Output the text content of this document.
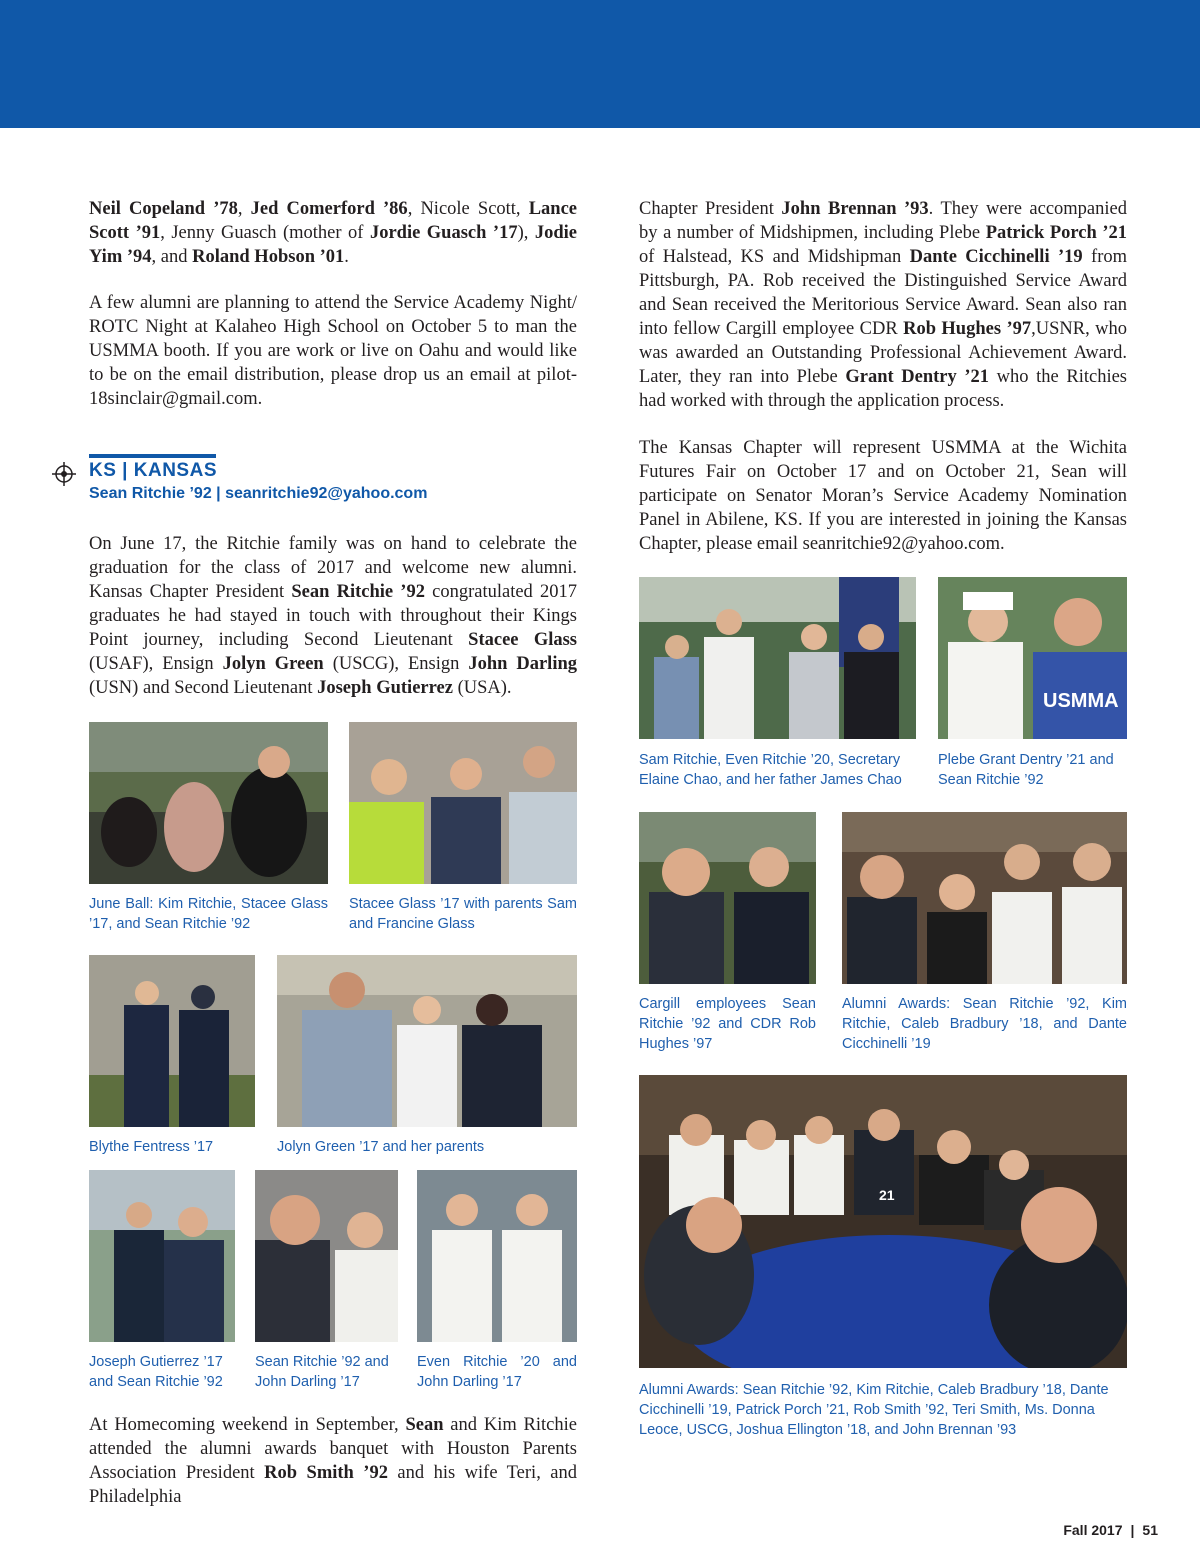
Neil Copeland ’78, Jed Comerford ’86, Nicole Scott, Lance Scott ’91, Jenny Guasch (mother of Jordie Guasch ’17), Jodie Yim ’94, and Roland Hobson ’01.

A few alumni are planning to attend the Service Academy Night/ ROTC Night at Kalaheo High School on October 5 to man the USMMA booth. If you are work or live on Oahu and would like to be on the email distribution, please drop us an email at pilot-18sinclair@gmail.com.

KS | KANSAS
Sean Ritchie ’92 | seanritchie92@yahoo.com

On June 17, the Ritchie family was on hand to celebrate the graduation for the class of 2017 and welcome new alumni. Kansas Chapter President Sean Ritchie ’92 congratulated 2017 graduates he had stayed in touch with throughout their Kings Point journey, including Second Lieutenant Stacee Glass (USAF), Ensign Jolyn Green (USCG), Ensign John Darling (USN) and Second Lieutenant Joseph Gutierrez (USA).

June Ball: Kim Ritchie, Stacee Glass ’17, and Sean Ritchie ’92

Stacee Glass ’17 with parents Sam and Francine Glass

Blythe Fentress ’17	Jolyn Green ’17 and her parents

Joseph Gutierrez ’17 and Sean Ritchie ’92

Sean Ritchie ’92 and John Darling ’17

Even Ritchie ’20 and John Darling ’17

At Homecoming weekend in September, Sean and Kim Ritchie attended the alumni awards banquet with Houston Parents Association President Rob Smith ’92 and his wife Teri, and Philadelphia

Chapter President John Brennan ’93. They were accompanied by a number of Midshipmen, including Plebe Patrick Porch ’21 of Halstead, KS and Midshipman Dante Cicchinelli ’19 from Pittsburgh, PA. Rob received the Distinguished Service Award and Sean received the Meritorious Service Award. Sean also ran into fellow Cargill employee CDR Rob Hughes ’97,USNR, who was awarded an Outstanding Professional Achievement Award. Later, they ran into Plebe Grant Dentry ’21 who the Ritchies had worked with through the application process.

The Kansas Chapter will represent USMMA at the Wichita Futures Fair on October 17 and on October 21, Sean will participate on Senator Moran’s Service Academy Nomination Panel in Abilene, KS. If you are interested in joining the Kansas Chapter, please email seanritchie92@yahoo.com.

USMMA

Sam Ritchie, Even Ritchie ’20, Secretary Elaine Chao, and her father James Chao

Plebe Grant Dentry ’21 and Sean Ritchie ’92

Cargill employees Sean Ritchie ’92 and CDR Rob Hughes ’97

Alumni Awards: Sean Ritchie ’92, Kim Ritchie, Caleb Bradbury ’18, and Dante Cicchinelli ’19

21

Alumni Awards: Sean Ritchie ’92, Kim Ritchie, Caleb Bradbury ’18, Dante Cicchinelli ’19, Patrick Porch ’21, Rob Smith ’92, Teri Smith, Ms. Donna Leoce, USCG, Joshua Ellington ’18, and John Brennan ’93

Fall 2017 | 51
